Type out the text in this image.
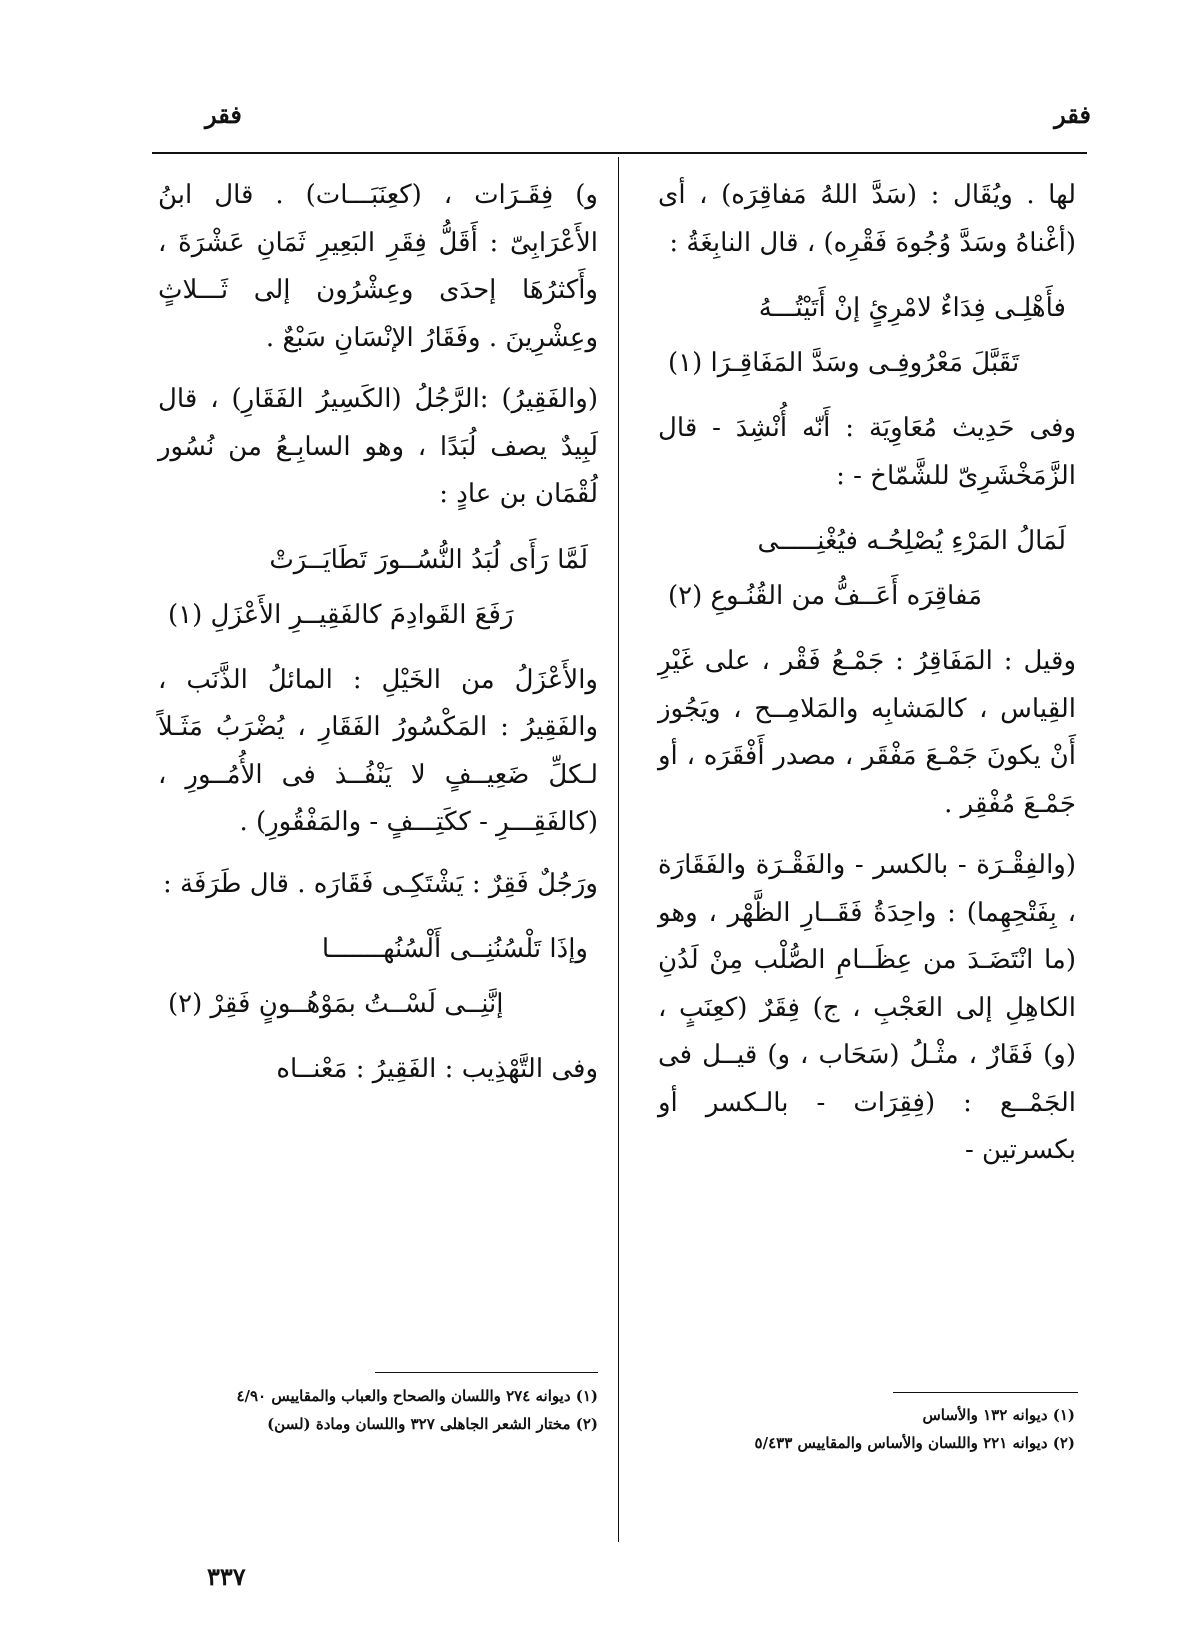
فقر
فقر

لها . ويُقَال : (سَدَّ اللهُ مَفاقِرَه) ، أى (أغْناهُ وسَدَّ وُجُوهَ فَقْرِه) ، قال النابِغَةُ :

فأَهْلِـى فِدَاءٌ لامْرِئٍ إنْ أَتَيْتُـــهُ
تَقَبَّلَ مَعْرُوفِـى وسَدَّ المَفَاقِـرَا (١)

وفى حَدِيث مُعَاوِيَة : أَنّه أُنْشِدَ - قال الزَّمَخْشَرِىّ للشَّمّاخ - :

لَمَالُ المَرْءِ يُصْلِحُـه فيُغْنِـــــى
مَفاقِرَه أَعَــفُّ من القُنُـوعِ (٢)

وقيل : المَفَاقِرُ : جَمْـعُ فَقْر ، على غَيْرِ القِياس ، كالمَشابِه والمَلامِــح ، ويَجُوز أَنْ يكونَ جَمْـعَ مَفْقَر ، مصدر أَفْقَرَه ، أو جَمْـعَ مُفْقِر .

(والفِقْـرَة - بالكسر - والفَقْـرَة والفَقَارَة ، بِفَتْحِهِما) : واحِدَةُ فَقَــارِ الظَّهْر ، وهو (ما انْتَضَـدَ من عِظَــامِ الصُّلْب مِنْ لَدُنِ الكاهِلِ إلى العَجْبِ ، ج) فِقَرٌ (كعِنَبٍ ، (و) فَقَارٌ ، مثْـلُ (سَحَاب ، و) قيــل فى الجَمْــع : (فِقِرَات - بالـكسر أو بكسرتين -

و) فِقَـرَات ، (كعِنَبَـــات) . قال ابنُ الأَعْرَابِىّ : أَقَلُّ فِقَرِ البَعِيرِ ثَمَانِ عَشْرَةَ ، وأَكثرُهَا إحدَى وعِشْرُون إلى ثَـــلاثٍ وعِشْرِينَ . وفَقَارُ الإنْسَانِ سَبْعٌ .

(والفَقِيرُ) :الرَّجُلُ (الكَسِيرُ الفَقَارِ) ، قال لَبِيدٌ يصف لُبَدًا ، وهو السابِـعُ من نُسُور لُقْمَان بن عادٍ :

لَمَّا رَأَى لُبَدُ النُّسُــورَ تَطَايَــرَتْ
رَفَعَ القَوادِمَ كالفَقِيــرِ الأَعْزَلِ (١)

والأَعْزَلُ من الخَيْلِ : المائلُ الذَّنَب ، والفَقِيرُ : المَكْسُورُ الفَقَارِ ، يُضْرَبُ مَثَـلاً لـكلِّ ضَعِيــفٍ لا يَنْفُــذ فى الأُمُــورِ ، (كالفَقِـــرِ - ككَتِـــفٍ - والمَفْقُورِ) .

ورَجُلٌ فَقِرٌ : يَشْتَكِـى فَقَارَه . قال طَرَفَة :

وإذَا تَلْسُنُنِــى أَلْسُنُهـــــــا
إنَّنِــى لَسْــتُ بمَوْهُــونٍ فَقِرْ (٢)

وفى التَّهْذِيب : الفَقِيرُ : مَعْنــاه

(١) ديوانه ١٣٢ والأساس
(٢) ديوانه ٢٢١ واللسان والأساس والمقاييس ٥/٤٣٣
(١) ديوانه ٢٧٤ واللسان والصحاح والعباب والمقاييس ٤/٩٠
(٢) مختار الشعر الجاهلى ٣٢٧ واللسان ومادة (لسن)
٣٣٧
